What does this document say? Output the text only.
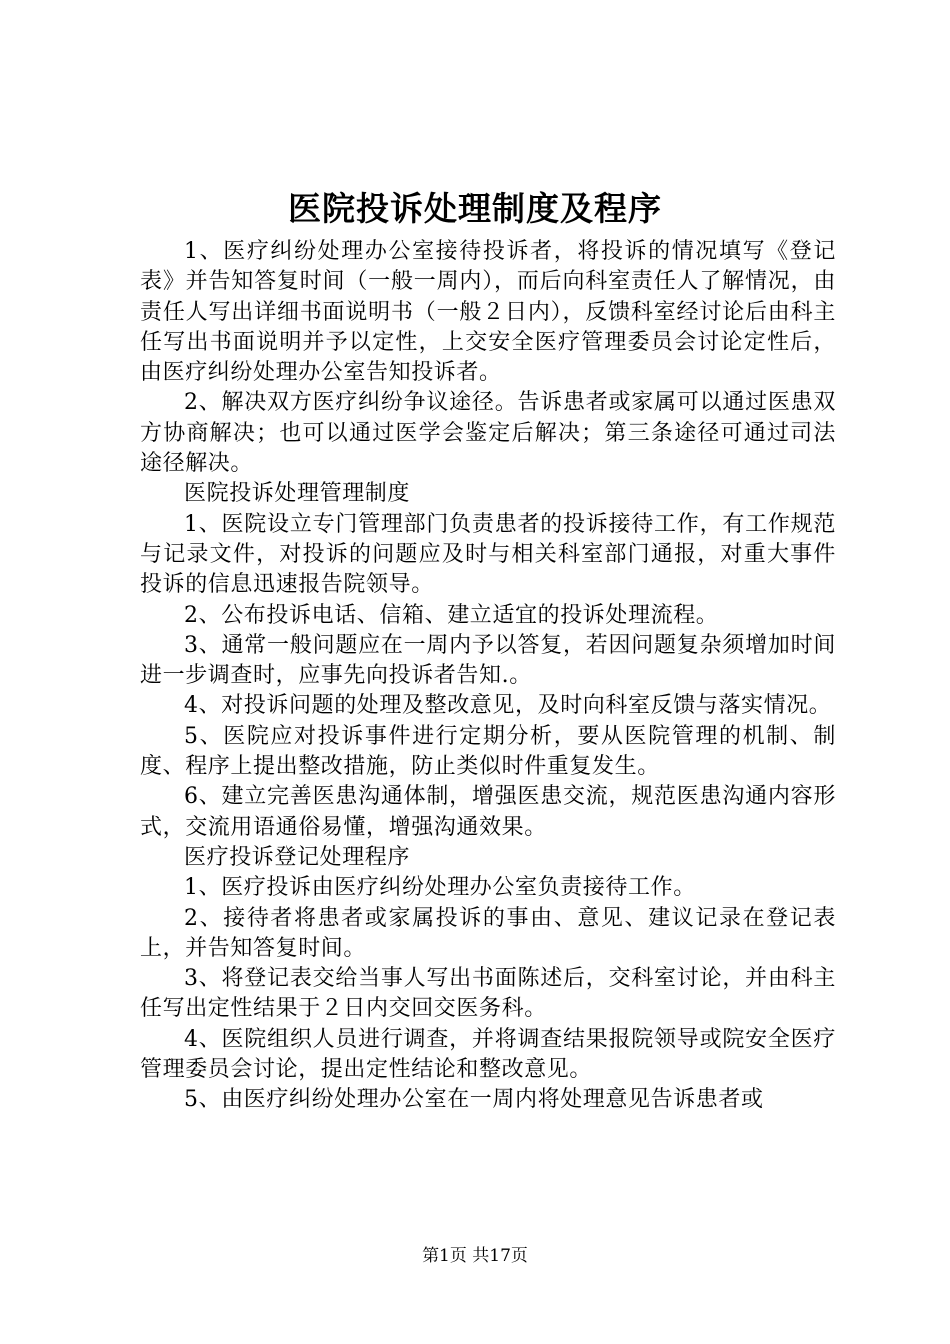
医院投诉处理制度及程序

1、医疗纠纷处理办公室接待投诉者，将投诉的情况填写《登记表》并告知答复时间（一般一周内），而后向科室责任人了解情况，由责任人写出详细书面说明书（一般２日内），反馈科室经讨论后由科主任写出书面说明并予以定性，上交安全医疗管理委员会讨论定性后，由医疗纠纷处理办公室告知投诉者。

2、解决双方医疗纠纷争议途径。告诉患者或家属可以通过医患双方协商解决；也可以通过医学会鉴定后解决；第三条途径可通过司法途径解决。

医院投诉处理管理制度

1、医院设立专门管理部门负责患者的投诉接待工作，有工作规范与记录文件，对投诉的问题应及时与相关科室部门通报，对重大事件投诉的信息迅速报告院领导。

2、公布投诉电话、信箱、建立适宜的投诉处理流程。

3、通常一般问题应在一周内予以答复，若因问题复杂须增加时间进一步调查时，应事先向投诉者告知.。

4、对投诉问题的处理及整改意见，及时向科室反馈与落实情况。

5、医院应对投诉事件进行定期分析，要从医院管理的机制、制度、程序上提出整改措施，防止类似时件重复发生。

6、建立完善医患沟通体制，增强医患交流，规范医患沟通内容形式，交流用语通俗易懂，增强沟通效果。

医疗投诉登记处理程序

1、医疗投诉由医疗纠纷处理办公室负责接待工作。

2、接待者将患者或家属投诉的事由、意见、建议记录在登记表上，并告知答复时间。

3、将登记表交给当事人写出书面陈述后，交科室讨论，并由科主任写出定性结果于２日内交回交医务科。

4、医院组织人员进行调查，并将调查结果报院领导或院安全医疗管理委员会讨论，提出定性结论和整改意见。

5、由医疗纠纷处理办公室在一周内将处理意见告诉患者或

第1页 共17页
